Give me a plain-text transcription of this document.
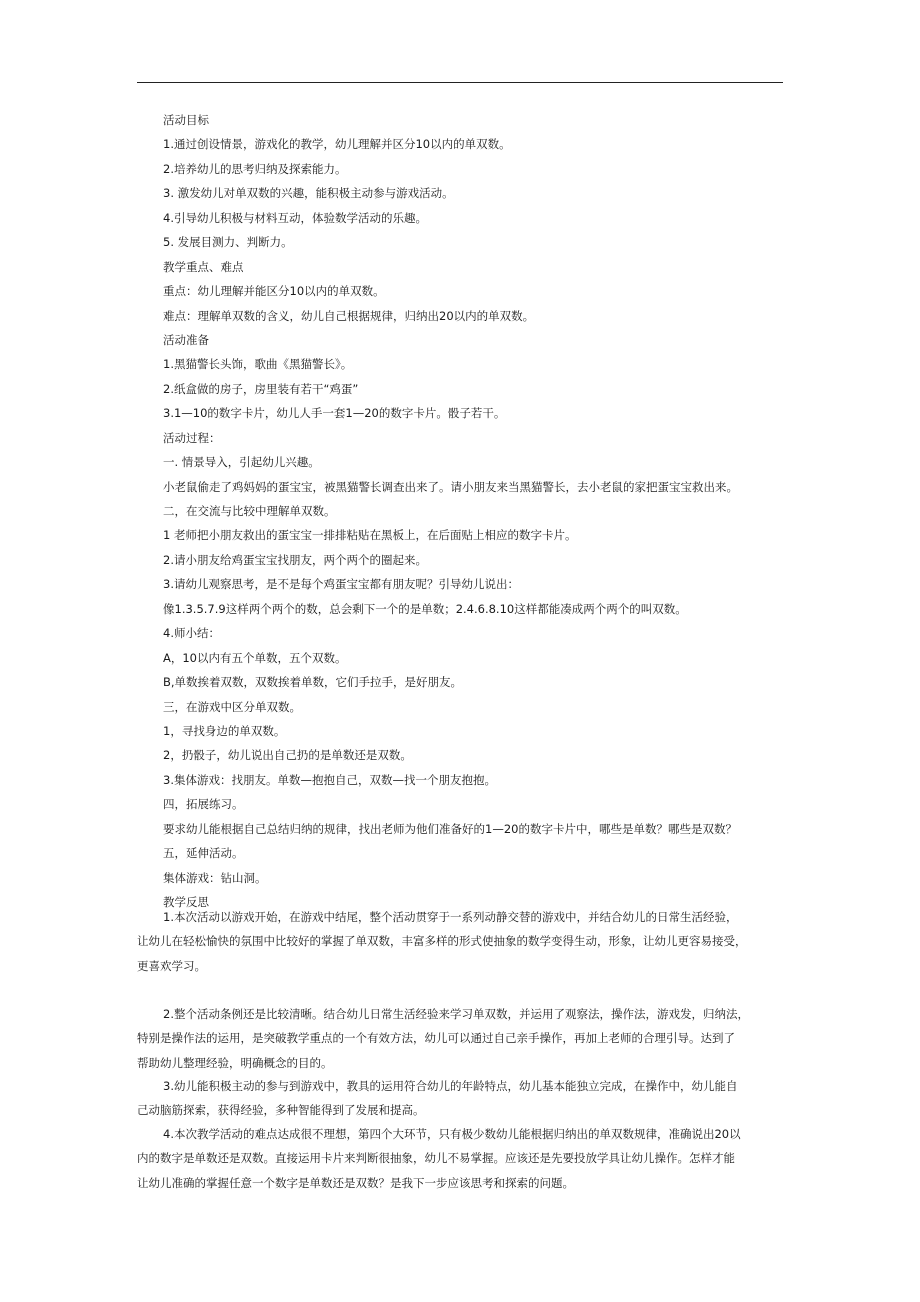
活动目标
1.通过创设情景，游戏化的教学，幼儿理解并区分10以内的单双数。
2.培养幼儿的思考归纳及探索能力。
3. 激发幼儿对单双数的兴趣，能积极主动参与游戏活动。
4.引导幼儿积极与材料互动，体验数学活动的乐趣。
5. 发展目测力、判断力。
教学重点、难点
重点：幼儿理解并能区分10以内的单双数。
难点：理解单双数的含义，幼儿自己根据规律，归纳出20以内的单双数。
活动准备
1.黑猫警长头饰，歌曲《黑猫警长》。
2.纸盒做的房子，房里装有若干“鸡蛋”
3.1—10的数字卡片，幼儿人手一套1—20的数字卡片。骰子若干。
活动过程：
一. 情景导入，引起幼儿兴趣。
小老鼠偷走了鸡妈妈的蛋宝宝，被黑猫警长调查出来了。请小朋友来当黑猫警长，去小老鼠的家把蛋宝宝救出来。
二，在交流与比较中理解单双数。
1 老师把小朋友救出的蛋宝宝一排排粘贴在黑板上，在后面贴上相应的数字卡片。
2.请小朋友给鸡蛋宝宝找朋友，两个两个的圈起来。
3.请幼儿观察思考，是不是每个鸡蛋宝宝都有朋友呢？引导幼儿说出：
像1.3.5.7.9这样两个两个的数，总会剩下一个的是单数；2.4.6.8.10这样都能凑成两个两个的叫双数。
4.师小结：
A，10以内有五个单数，五个双数。
B,单数挨着双数，双数挨着单数，它们手拉手，是好朋友。
三，在游戏中区分单双数。
1，寻找身边的单双数。
2，扔骰子，幼儿说出自己扔的是单数还是双数。
3.集体游戏：找朋友。单数—抱抱自己，双数—找一个朋友抱抱。
四，拓展练习。
要求幼儿能根据自己总结归纳的规律，找出老师为他们准备好的1—20的数字卡片中，哪些是单数？哪些是双数？
五，延伸活动。
集体游戏：钻山洞。
教学反思
1.本次活动以游戏开始，在游戏中结尾，整个活动贯穿于一系列动静交替的游戏中，并结合幼儿的日常生活经验，
让幼儿在轻松愉快的氛围中比较好的掌握了单双数，丰富多样的形式使抽象的数学变得生动，形象，让幼儿更容易接受，
更喜欢学习。
2.整个活动条例还是比较清晰。结合幼儿日常生活经验来学习单双数，并运用了观察法，操作法，游戏发，归纳法，
特别是操作法的运用，是突破教学重点的一个有效方法，幼儿可以通过自己亲手操作，再加上老师的合理引导。达到了
帮助幼儿整理经验，明确概念的目的。
3.幼儿能积极主动的参与到游戏中，教具的运用符合幼儿的年龄特点，幼儿基本能独立完成，在操作中，幼儿能自
己动脑筋探索，获得经验，多种智能得到了发展和提高。
4.本次教学活动的难点达成很不理想，第四个大环节，只有极少数幼儿能根据归纳出的单双数规律，准确说出20以
内的数字是单数还是双数。直接运用卡片来判断很抽象，幼儿不易掌握。应该还是先要投放学具让幼儿操作。怎样才能
让幼儿准确的掌握任意一个数字是单数还是双数？是我下一步应该思考和探索的问题。
